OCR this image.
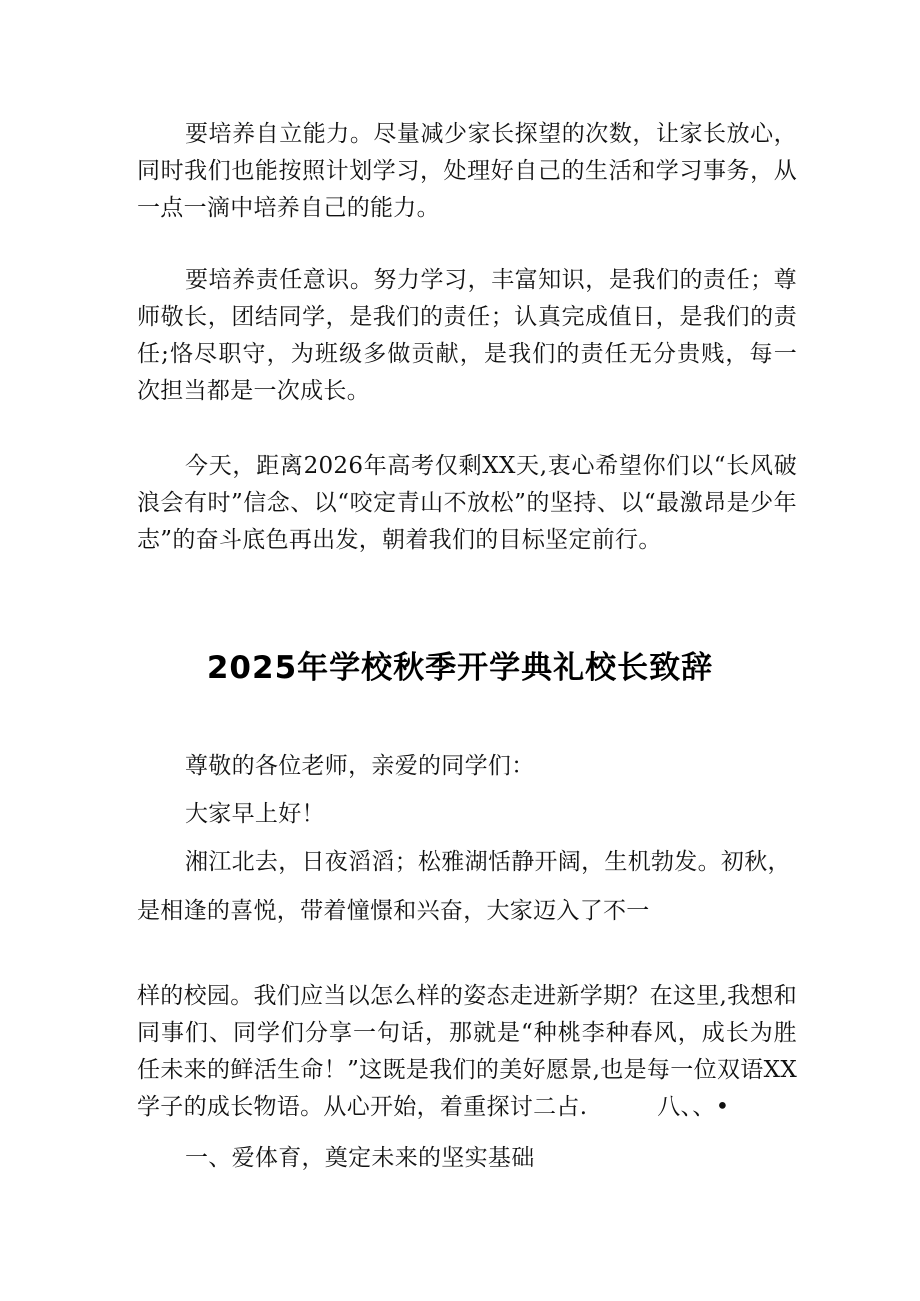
要培养自立能力。尽量减少家长探望的次数，让家长放心，同时我们也能按照计划学习，处理好自己的生活和学习事务，从一点一滴中培养自己的能力。

要培养责任意识。努力学习，丰富知识，是我们的责任；尊师敬长，团结同学，是我们的责任；认真完成值日，是我们的责任;恪尽职守，为班级多做贡献，是我们的责任无分贵贱，每一次担当都是一次成长。

今天，距离2026年高考仅剩XX天,衷心希望你们以“长风破浪会有时”信念、以“咬定青山不放松”的坚持、以“最激昂是少年志”的奋斗底色再出发，朝着我们的目标坚定前行。

2025年学校秋季开学典礼校长致辞

尊敬的各位老师，亲爱的同学们：

大家早上好！

湘江北去，日夜滔滔；松雅湖恬静开阔，生机勃发。初秋，

是相逢的喜悦，带着憧憬和兴奋，大家迈入了不一

样的校园。我们应当以怎么样的姿态走进新学期？在这里,我想和同事们、同学们分享一句话，那就是“种桃李种春风，成长为胜任未来的鲜活生命！”这既是我们的美好愿景,也是每一位双语XX学子的成长物语。从心开始，着重探讨二占.　　　八、、•

一、爱体育，奠定未来的坚实基础
